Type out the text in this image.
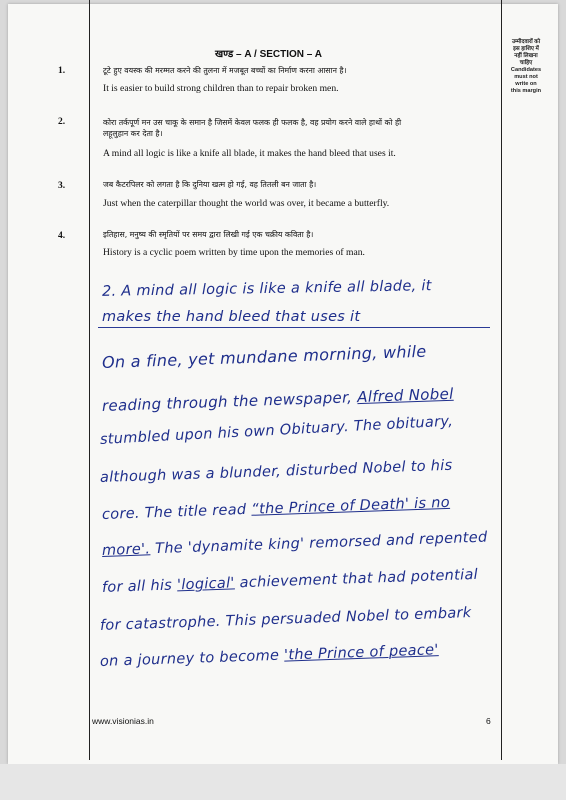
उम्मीदवारों को
इस हाशिए में
नहीं लिखना
चाहिए
Candidates
must not
write on
this margin
खण्ड – A / SECTION – A
1.	टूटे हुए वयस्क की मरम्मत करने की तुलना में मजबूत बच्चों का निर्माण करना आसान है।
It is easier to build strong children than to repair broken men.
2.	कोरा तर्कपूर्ण मन उस चाकू के समान है जिसमें केवल फलक ही फलक है, वह प्रयोग करने वाले हाथों को ही
लहूलुहान कर देता है।
A mind all logic is like a knife all blade, it makes the hand bleed that uses it.
3.	जब कैटरपिलर को लगता है कि दुनिया खत्म हो गई, वह तितली बन जाता है।
Just when the caterpillar thought the world was over, it became a butterfly.
4.	इतिहास, मनुष्य की स्मृतियों पर समय द्वारा लिखी गई एक चक्रीय कविता है।
History is a cyclic poem written by time upon the memories of man.
2. A mind all logic is like a knife all blade, it
makes the hand bleed that uses it
On a fine, yet mundane morning, while
reading through the newspaper, Alfred Nobel
stumbled upon his own Obituary. The obituary,
although was a blunder, disturbed Nobel to his
core. The title read “the Prince of Death' is no
more'. The 'dynamite king' remorsed and repented
for all his 'logical' achievement that had potential
for catastrophe. This persuaded Nobel to embark
on a journey to become 'the Prince of peace'
www.visionias.in	6
